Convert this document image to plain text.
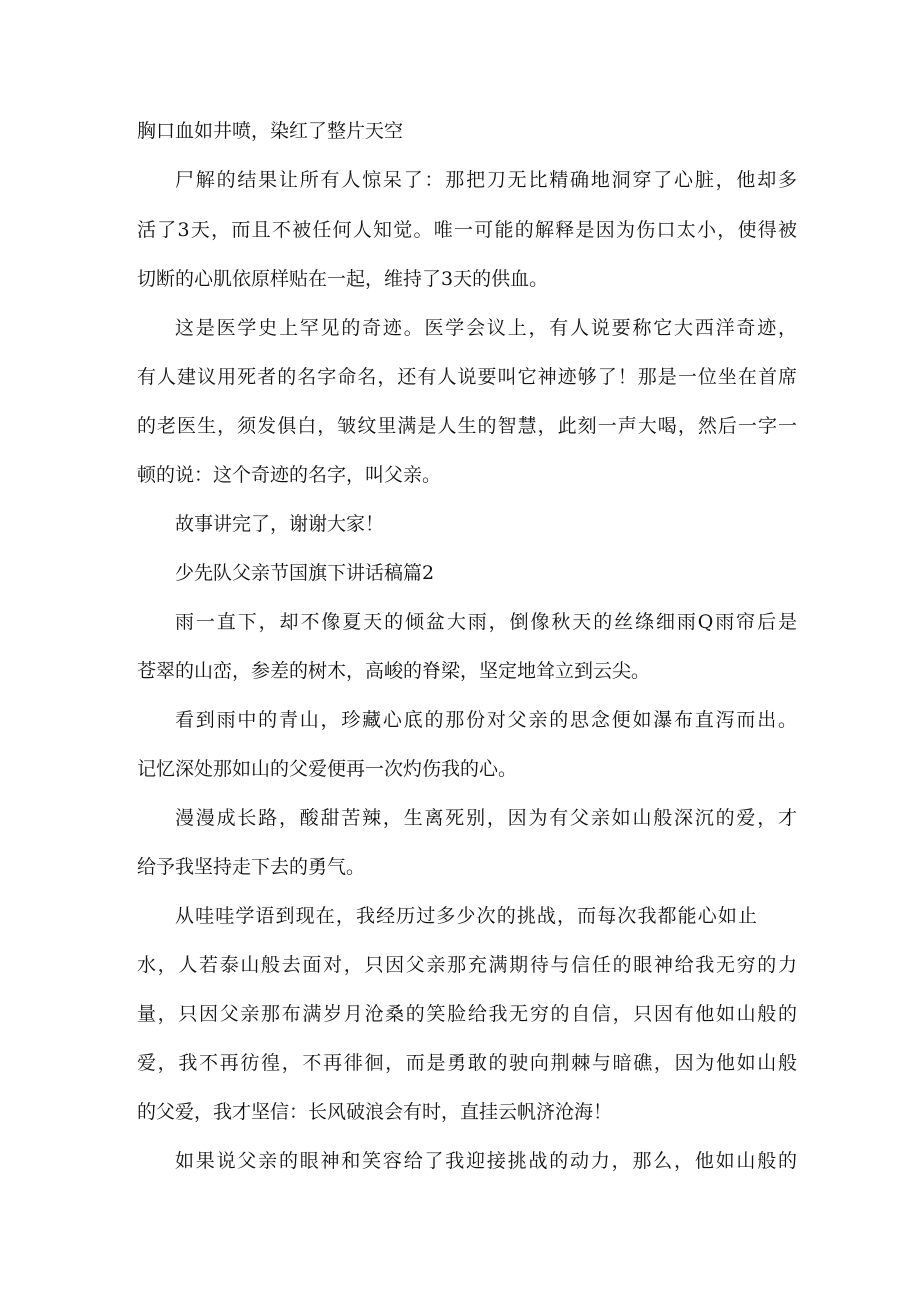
胸口血如井喷，染红了整片天空
尸解的结果让所有人惊呆了：那把刀无比精确地洞穿了心脏，他却多
活了3天，而且不被任何人知觉。唯一可能的解释是因为伤口太小，使得被
切断的心肌依原样贴在一起，维持了3天的供血。
这是医学史上罕见的奇迹。医学会议上，有人说要称它大西洋奇迹，
有人建议用死者的名字命名，还有人说要叫它神迹够了！那是一位坐在首席
的老医生，须发俱白，皱纹里满是人生的智慧，此刻一声大喝，然后一字一
顿的说：这个奇迹的名字，叫父亲。
故事讲完了，谢谢大家！
少先队父亲节国旗下讲话稿篇2
雨一直下，却不像夏天的倾盆大雨，倒像秋天的丝绦细雨Q雨帘后是
苍翠的山峦，参差的树木，高峻的脊梁，坚定地耸立到云尖。
看到雨中的青山，珍藏心底的那份对父亲的思念便如瀑布直泻而出。
记忆深处那如山的父爱便再一次灼伤我的心。
漫漫成长路，酸甜苦辣，生离死别，因为有父亲如山般深沉的爱，才
给予我坚持走下去的勇气。
从哇哇学语到现在，我经历过多少次的挑战，而每次我都能心如止
水，人若泰山般去面对，只因父亲那充满期待与信任的眼神给我无穷的力
量，只因父亲那布满岁月沧桑的笑脸给我无穷的自信，只因有他如山般的
爱，我不再彷徨，不再徘徊，而是勇敢的驶向荆棘与暗礁，因为他如山般
的父爱，我才坚信：长风破浪会有时，直挂云帆济沧海！
如果说父亲的眼神和笑容给了我迎接挑战的动力，那么，他如山般的
